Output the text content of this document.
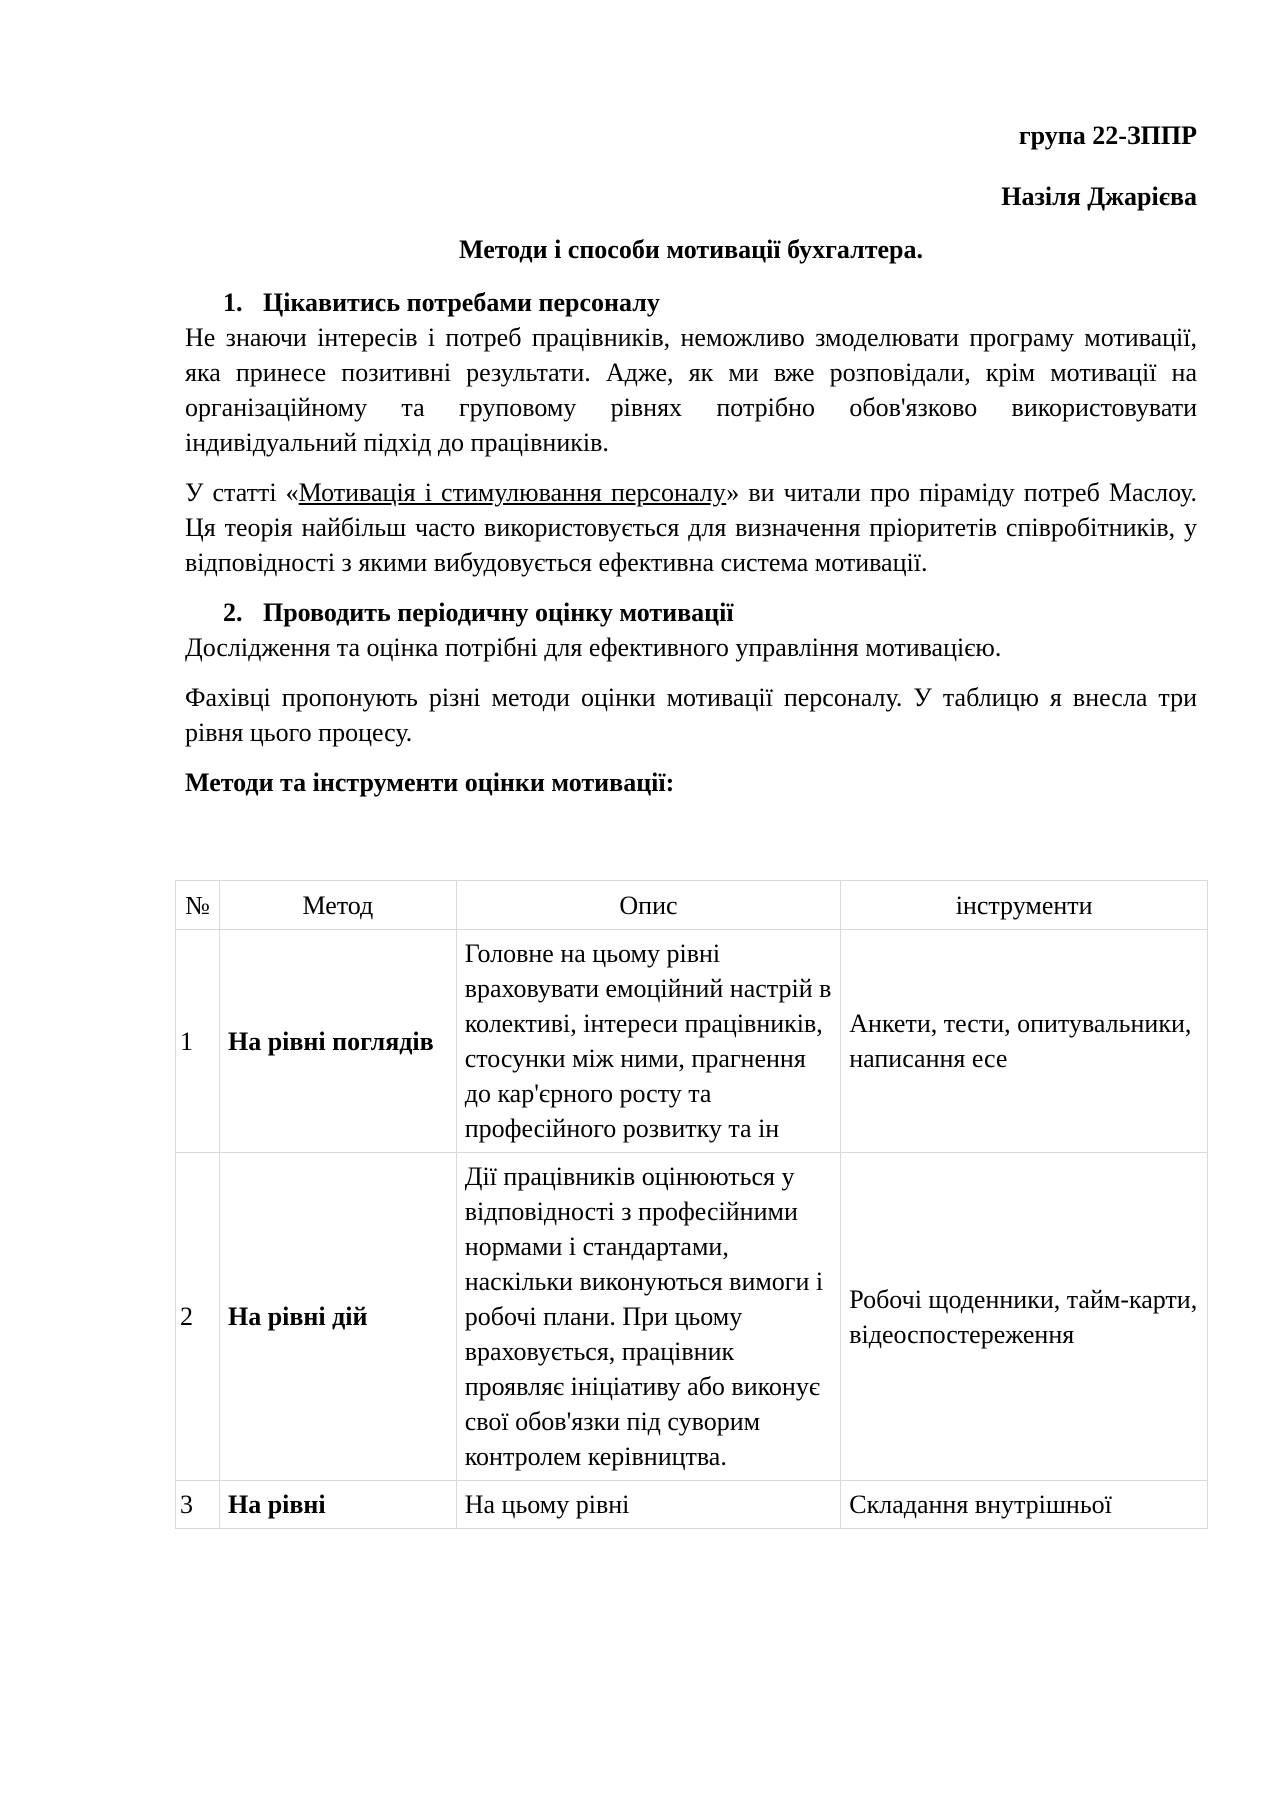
група 22-ЗППР

Назіля Джарієва

Методи і способи мотивації бухгалтера.

1. Цікавитись потребами персоналу

Не знаючи інтересів і потреб працівників, неможливо змоделювати програму мотивації, яка принесе позитивні результати. Адже, як ми вже розповідали, крім мотивації на організаційному та груповому рівнях потрібно обов'язково використовувати індивідуальний підхід до працівників.

У статті «Мотивація і стимулювання персоналу» ви читали про піраміду потреб Маслоу. Ця теорія найбільш часто використовується для визначення пріоритетів співробітників, у відповідності з якими вибудовується ефективна система мотивації.

2. Проводить періодичну оцінку мотивації

Дослідження та оцінка потрібні для ефективного управління мотивацією.

Фахівці пропонують різні методи оцінки мотивації персоналу. У таблицю я внесла три рівня цього процесу.

Методи та інструменти оцінки мотивації:

№	Метод	Опис	інструменти
1	На рівні поглядів	Головне на цьому рівні враховувати емоційний настрій в колективі, інтереси працівників, стосунки між ними, прагнення до кар'єрного росту та професійного розвитку та ін	Анкети, тести, опитувальники, написання есе
2	На рівні дій	Дії працівників оцінюються у відповідності з професійними нормами і стандартами, наскільки виконуються вимоги і робочі плани. При цьому враховується, працівник проявляє ініціативу або виконує свої обов'язки під суворим контролем керівництва.	Робочі щоденники, тайм-карти, відеоспостереження
3	На рівні	На цьому рівні	Складання внутрішньої
